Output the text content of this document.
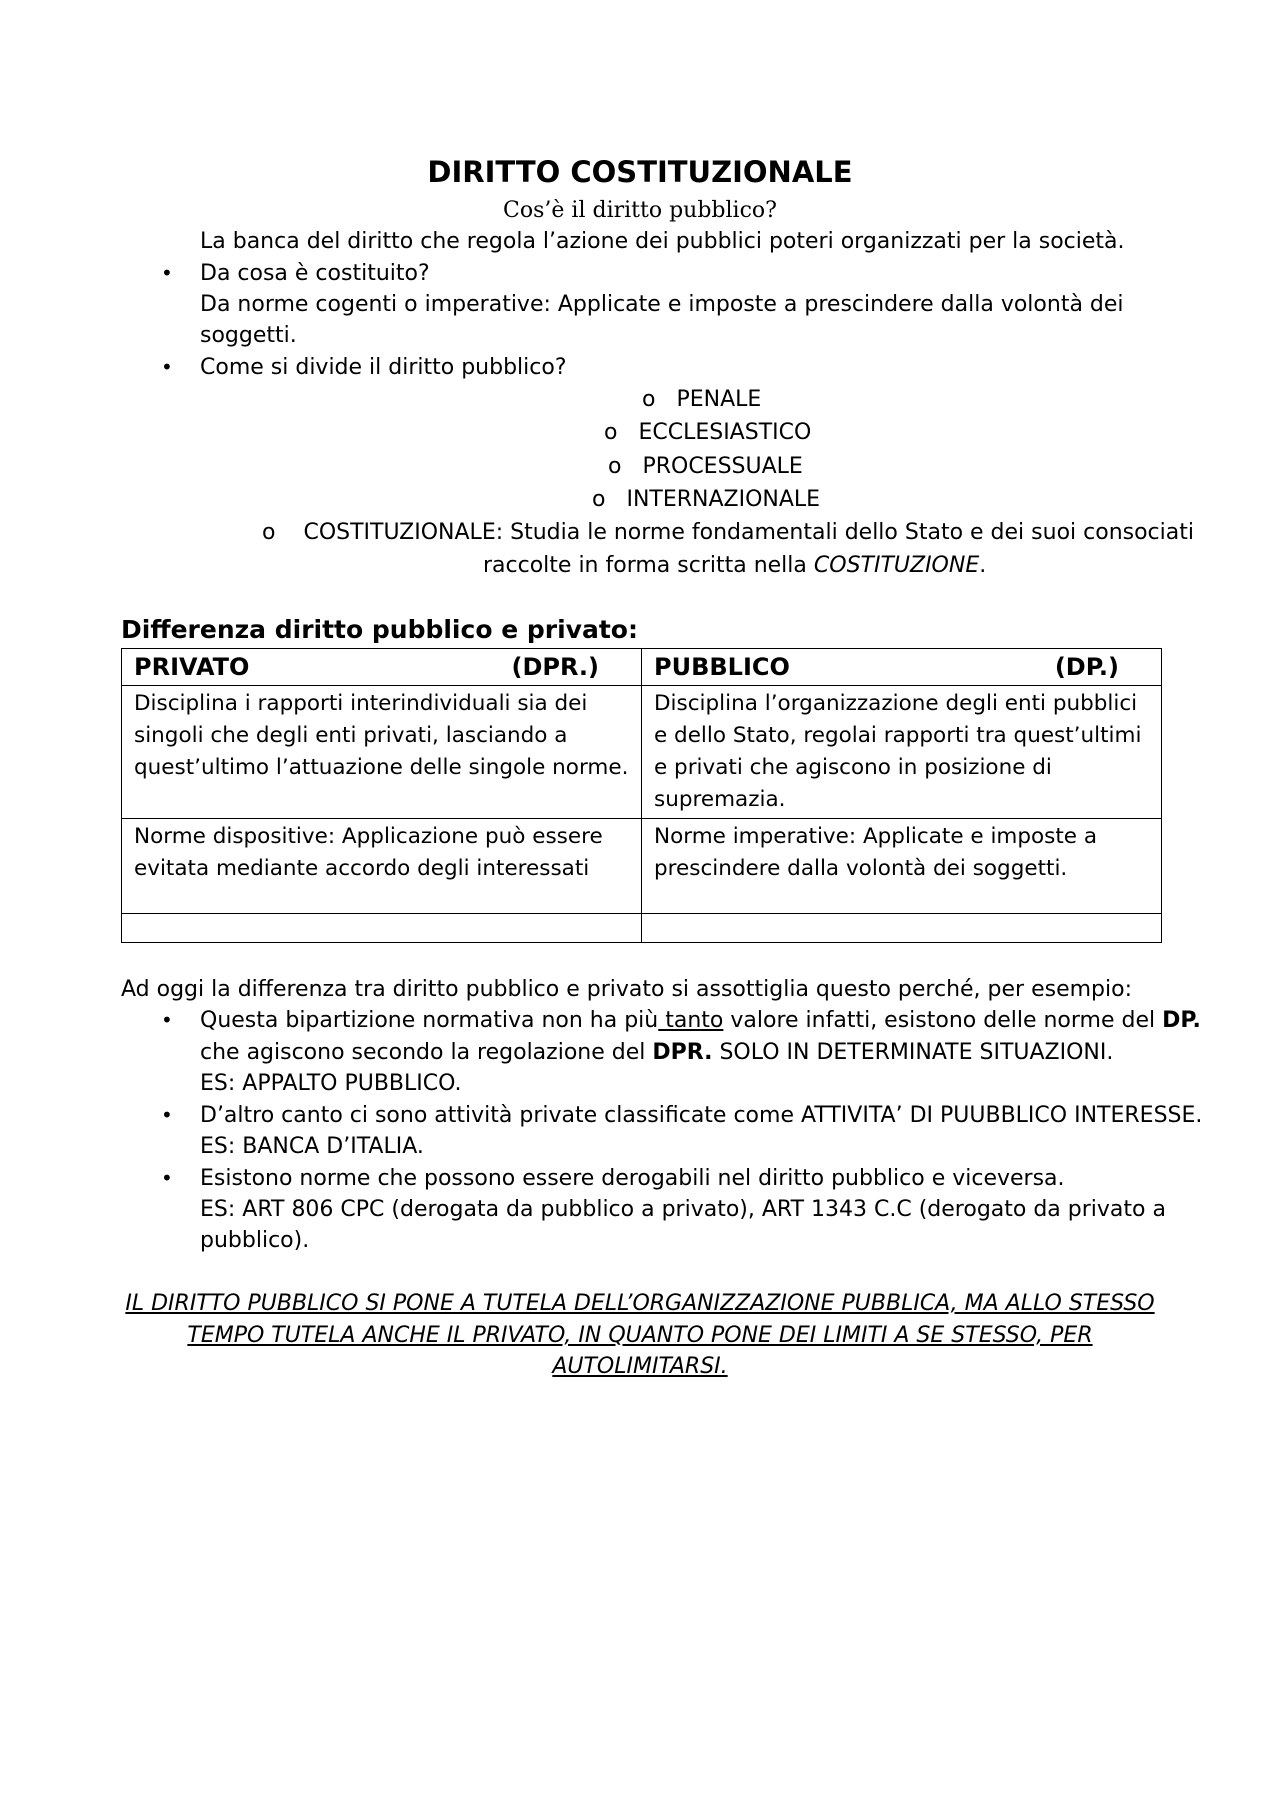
DIRITTO COSTITUZIONALE
Cos’è il diritto pubblico?
La banca del diritto che regola l’azione dei pubblici poteri organizzati per la società.
• Da cosa è costituito?
Da norme cogenti o imperative: Applicate e imposte a prescindere dalla volontà dei
soggetti.
• Come si divide il diritto pubblico?
o PENALE
o ECCLESIASTICO
o PROCESSUALE
o INTERNAZIONALE
o COSTITUZIONALE: Studia le norme fondamentali dello Stato e dei suoi consociati
raccolte in forma scritta nella COSTITUZIONE.
Differenza diritto pubblico e privato:
PRIVATO (DPR.)	PUBBLICO (DP.)

Disciplina i rapporti interindividuali sia dei singoli che degli enti privati, lasciando a quest’ultimo l’attuazione delle singole norme.	Disciplina l’organizzazione degli enti pubblici e dello Stato, regolai rapporti tra quest’ultimi e privati che agiscono in posizione di supremazia.
Norme dispositive: Applicazione può essere evitata mediante accordo degli interessati	Norme imperative: Applicate e imposte a prescindere dalla volontà dei soggetti.

Ad oggi la differenza tra diritto pubblico e privato si assottiglia questo perché, per esempio:
• Questa bipartizione normativa non ha più tanto valore infatti, esistono delle norme del DP.
che agiscono secondo la regolazione del DPR. SOLO IN DETERMINATE SITUAZIONI.
ES: APPALTO PUBBLICO.
• D’altro canto ci sono attività private classificate come ATTIVITA’ DI PUUBBLICO INTERESSE.
ES: BANCA D’ITALIA.
• Esistono norme che possono essere derogabili nel diritto pubblico e viceversa.
ES: ART 806 CPC (derogata da pubblico a privato), ART 1343 C.C (derogato da privato a
pubblico).
IL DIRITTO PUBBLICO SI PONE A TUTELA DELL’ORGANIZZAZIONE PUBBLICA, MA ALLO STESSO
TEMPO TUTELA ANCHE IL PRIVATO, IN QUANTO PONE DEI LIMITI A SE STESSO, PER
AUTOLIMITARSI.
